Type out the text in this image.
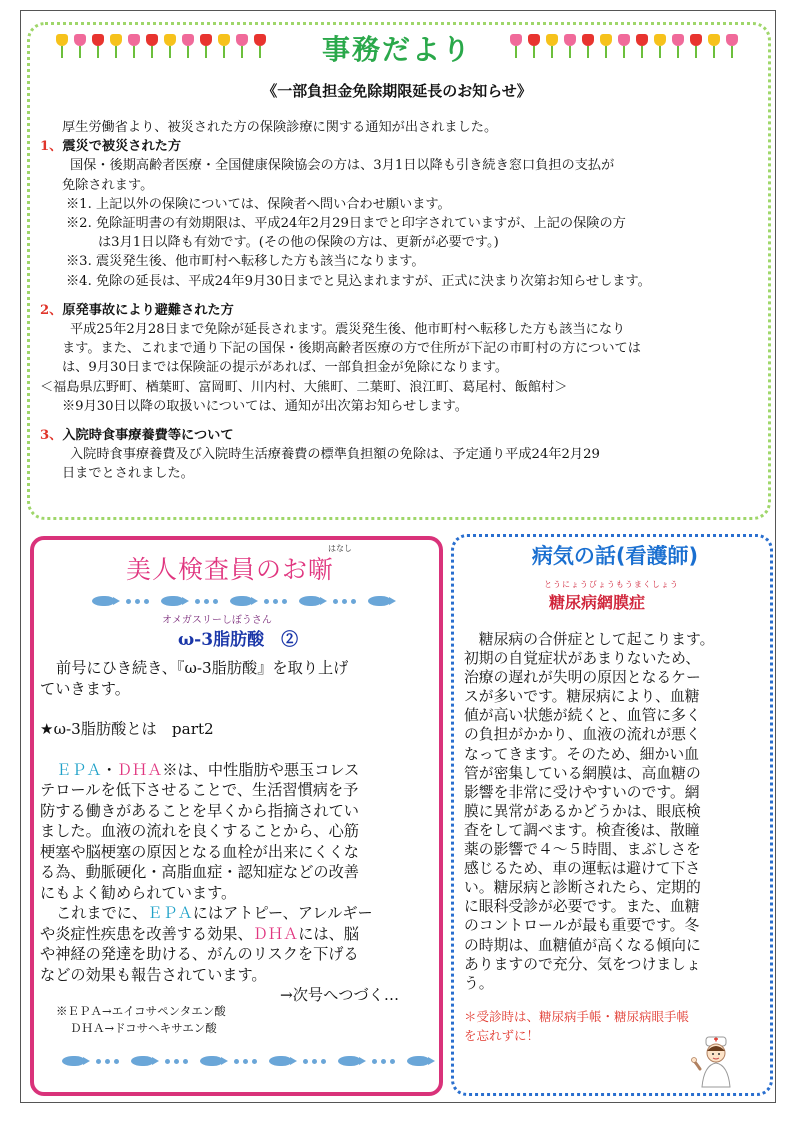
事務だより
《一部負担金免除期限延長のお知らせ》

厚生労働省より、被災された方の保険診療に関する通知が出されました。

1、震災で被災された方

国保・後期高齢者医療・全国健康保険協会の方は、3月1日以降も引き続き窓口負担の支払が

免除されます。

※1. 上記以外の保険については、保険者へ問い合わせ願います。

※2. 免除証明書の有効期限は、平成24年2月29日までと印字されていますが、上記の保険の方

は3月1日以降も有効です。(その他の保険の方は、更新が必要です。)

※3. 震災発生後、他市町村へ転移した方も該当になります。

※4. 免除の延長は、平成24年9月30日までと見込まれますが、正式に決まり次第お知らせします。

2、原発事故により避難された方

平成25年2月28日まで免除が延長されます。震災発生後、他市町村へ転移した方も該当になり

ます。また、これまで通り下記の国保・後期高齢者医療の方で住所が下記の市町村の方については

は、9月30日までは保険証の提示があれば、一部負担金が免除になります。

＜福島県広野町、楢葉町、富岡町、川内村、大熊町、二葉町、浪江町、葛尾村、飯館村＞

※9月30日以降の取扱いについては、通知が出次第お知らせします。

3、入院時食事療養費等について

入院時食事療養費及び入院時生活療養費の標準負担額の免除は、予定通り平成24年2月29

日までとされました。

はなし
美人検査員のお噺
オメガスリーしぼうさん
ω-3脂肪酸　②

前号にひき続き、『ω-3脂肪酸』を取り上げ

ていきます。

★ω-3脂肪酸とは　part2

ＥＰＡ・ＤＨＡ※は、中性脂肪や悪玉コレス

テロールを低下させることで、生活習慣病を予

防する働きがあることを早くから指摘されてい

ました。血液の流れを良くすることから、心筋

梗塞や脳梗塞の原因となる血栓が出来にくくな

る為、動脈硬化・高脂血症・認知症などの改善

にもよく勧められています。

これまでに、ＥＰＡにはアトピー、アレルギー

や炎症性疾患を改善する効果、ＤＨＡには、脳

や神経の発達を助ける、がんのリスクを下げる

などの効果も報告されています。

→次号へつづく…

※ＥＰＡ→エイコサペンタエン酸

ＤＨＡ→ドコサヘキサエン酸

病気の話(看護師)
とうにょうびょうもうまくしょう
糖尿病網膜症

　糖尿病の合併症として起こります。

初期の自覚症状があまりないため、

治療の遅れが失明の原因となるケー

スが多いです。糖尿病により、血糖

値が高い状態が続くと、血管に多く

の負担がかかり、血液の流れが悪く

なってきます。そのため、細かい血

管が密集している網膜は、高血糖の

影響を非常に受けやすいのです。網

膜に異常があるかどうかは、眼底検

査をして調べます。検査後は、散瞳

薬の影響で４～５時間、まぶしさを

感じるため、車の運転は避けて下さ

い。糖尿病と診断されたら、定期的

に眼科受診が必要です。また、血糖

のコントロールが最も重要です。冬

の時期は、血糖値が高くなる傾向に

ありますので充分、気をつけましょ

う。

＊受診時は、糖尿病手帳・糖尿病眼手帳

を忘れずに！
